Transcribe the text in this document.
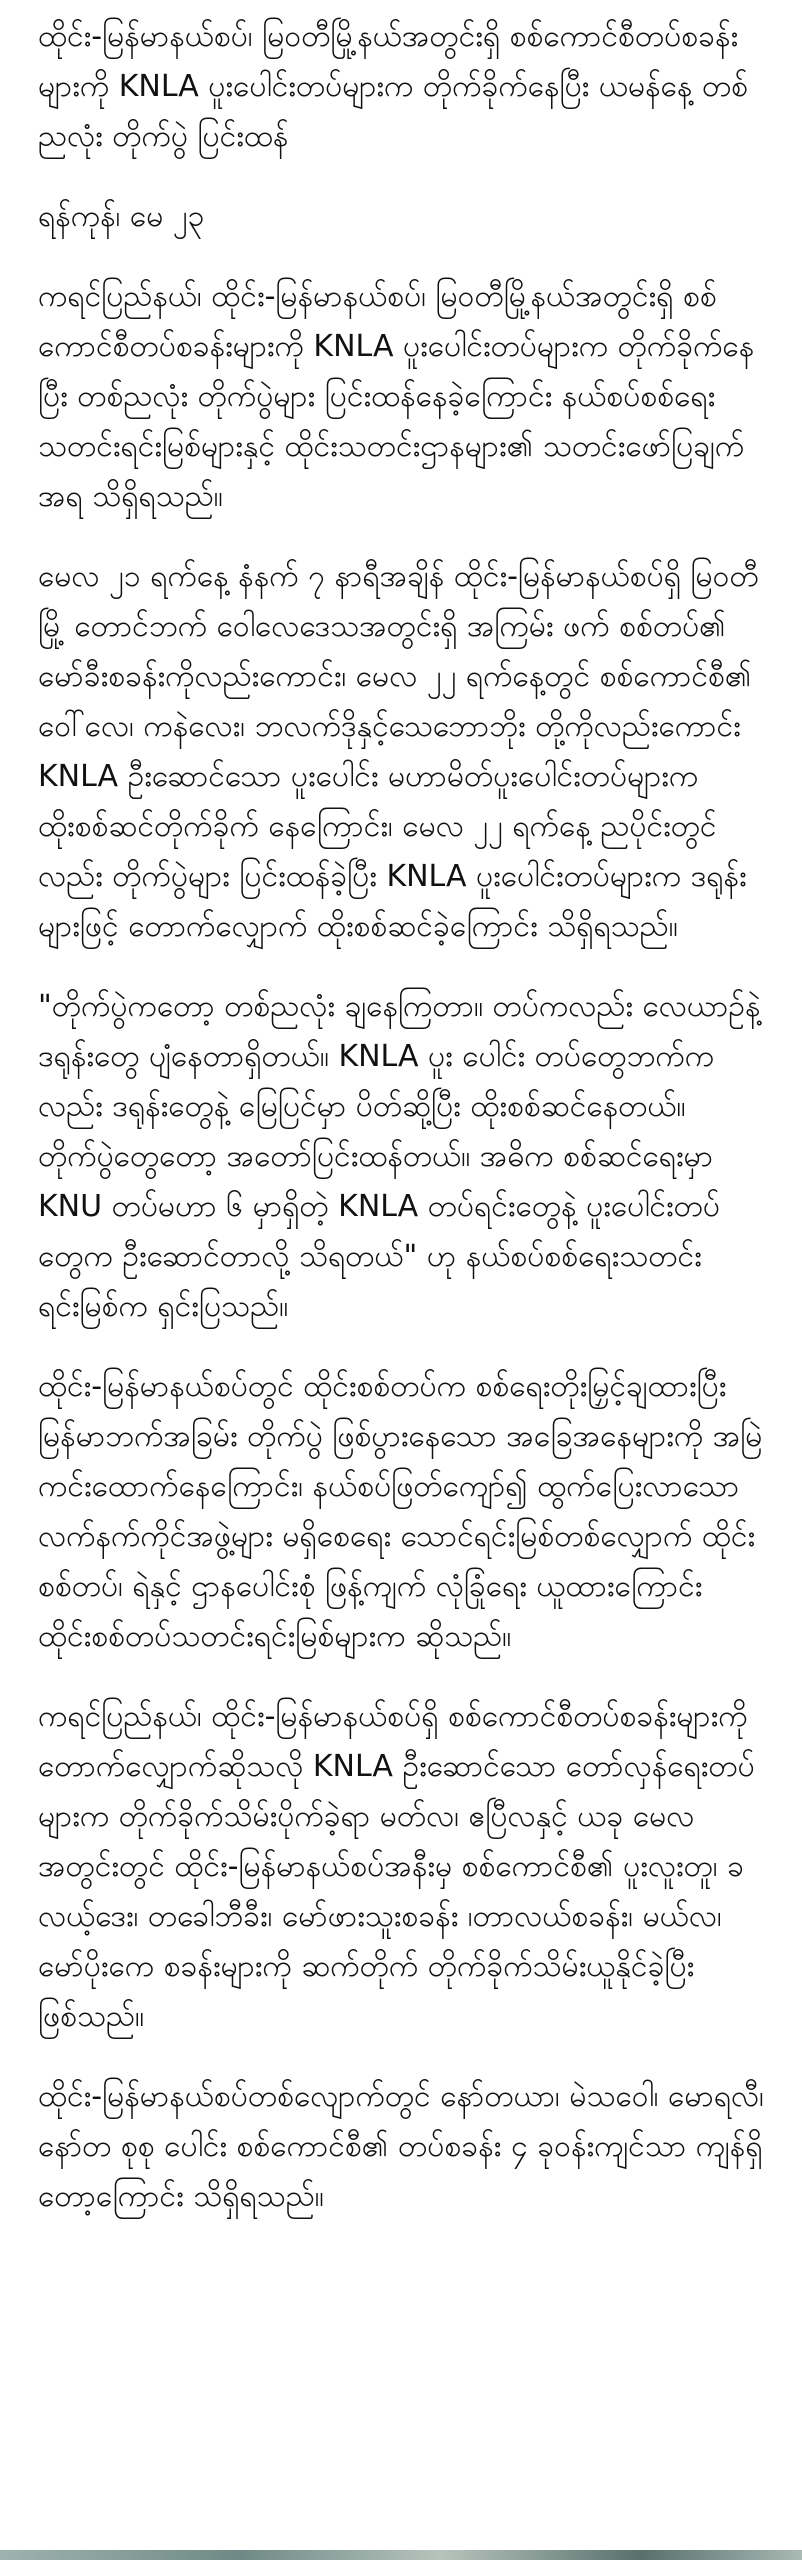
ထိုင်း-မြန်မာနယ်စပ်၊ မြဝတီမြို့နယ်အတွင်းရှိ စစ်ကောင်စီတပ်စခန်းများကို KNLA ပူးပေါင်းတပ်များက တိုက်ခိုက်နေပြီး ယမန်နေ့ တစ်ညလုံး တိုက်ပွဲ ပြင်းထန်

ရန်ကုန်၊ မေ ၂၃

ကရင်ပြည်နယ်၊ ထိုင်း-မြန်မာနယ်စပ်၊ မြဝတီမြို့နယ်အတွင်းရှိ စစ်ကောင်စီတပ်စခန်းများကို KNLA ပူးပေါင်းတပ်များက တိုက်ခိုက်နေပြီး တစ်ညလုံး တိုက်ပွဲများ ပြင်းထန်နေခဲ့ကြောင်း နယ်စပ်စစ်ရေးသတင်းရင်းမြစ်များနှင့် ထိုင်းသတင်းဌာနများ၏ သတင်းဖော်ပြချက်အရ သိရှိရသည်။

မေလ ၂၁ ရက်နေ့ နံနက် ၇ နာရီအချိန် ထိုင်း-မြန်မာနယ်စပ်ရှိ မြဝတီမြို့ တောင်ဘက် ဝေါလေဒေသအတွင်းရှိ အကြမ်း ဖက် စစ်တပ်၏ မော်ခီးစခန်းကိုလည်းကောင်း၊ မေလ ၂၂ ရက်နေ့တွင် စစ်ကောင်စီ၏ ဝေါ်လေ၊ ကနဲလေး၊ ဘလက်ဒိုနှင့်သေဘောဘိုး တို့ကိုလည်းကောင်း KNLA ဦးဆောင်သော ပူးပေါင်း မဟာမိတ်ပူးပေါင်းတပ်များက ထိုးစစ်ဆင်တိုက်ခိုက် နေကြောင်း၊ မေလ ၂၂ ရက်နေ့ ညပိုင်းတွင်လည်း တိုက်ပွဲများ ပြင်းထန်ခဲ့ပြီး KNLA ပူးပေါင်းတပ်များက ဒရုန်းများဖြင့် တောက်လျှောက် ထိုးစစ်ဆင်ခဲ့ကြောင်း သိရှိရသည်။

"တိုက်ပွဲကတော့ တစ်ညလုံး ချနေကြတာ။ တပ်ကလည်း လေယာဉ်နဲ့ ဒရုန်းတွေ ပျံနေတာရှိတယ်။ KNLA ပူး ပေါင်း တပ်တွေဘက်ကလည်း ဒရုန်းတွေနဲ့ မြေပြင်မှာ ပိတ်ဆို့ပြီး ထိုးစစ်ဆင်နေတယ်။ တိုက်ပွဲတွေတော့ အတော်ပြင်းထန်တယ်။ အဓိက စစ်ဆင်ရေးမှာ KNU တပ်မဟာ ၆ မှာရှိတဲ့ KNLA တပ်ရင်းတွေနဲ့ ပူးပေါင်းတပ်တွေက ဦးဆောင်တာလို့ သိရတယ်" ဟု နယ်စပ်စစ်ရေးသတင်းရင်းမြစ်က ရှင်းပြသည်။

ထိုင်း-မြန်မာနယ်စပ်တွင် ထိုင်းစစ်တပ်က စစ်ရေးတိုးမြှင့်ချထားပြီး မြန်မာဘက်အခြမ်း တိုက်ပွဲ ဖြစ်ပွားနေသော အခြေအနေများကို အမြဲ ကင်းထောက်နေကြောင်း၊ နယ်စပ်ဖြတ်ကျော်၍ ထွက်ပြေးလာသော လက်နက်ကိုင်အဖွဲ့များ မရှိစေရေး သောင်ရင်းမြစ်တစ်လျှောက် ထိုင်းစစ်တပ်၊ ရဲနှင့် ဌာနပေါင်းစုံ ဖြန့်ကျက် လုံခြုံရေး ယူထားကြောင်း ထိုင်းစစ်တပ်သတင်းရင်းမြစ်များက ဆိုသည်။

ကရင်ပြည်နယ်၊ ထိုင်း-မြန်မာနယ်စပ်ရှိ စစ်ကောင်စီတပ်စခန်းများကို တောက်လျှောက်ဆိုသလို KNLA ဦးဆောင်သော တော်လှန်ရေးတပ်များက တိုက်ခိုက်သိမ်းပိုက်ခဲ့ရာ မတ်လ၊ ဧပြီလနှင့် ယခု မေလအတွင်းတွင် ထိုင်း-မြန်မာနယ်စပ်အနီးမှ စစ်ကောင်စီ၏ ပူးလူးတူ၊ ခလယ့်ဒေး၊ တခေါဘီခီး၊ မော်ဖားသူးစခန်း ၊တာလယ်စခန်း၊ မယ်လ၊ မော်ပိုးကေ စခန်းများကို ဆက်တိုက် တိုက်ခိုက်သိမ်းယူနိုင်ခဲ့ပြီးဖြစ်သည်။

ထိုင်း-မြန်မာနယ်စပ်တစ်လျောက်တွင် နော်တယာ၊ မဲသဝေါ၊ မောရလီ၊ နော်တ စုစု ပေါင်း စစ်ကောင်စီ၏ တပ်စခန်း ၄ ခုဝန်းကျင်သာ ကျန်ရှိတော့ကြောင်း သိရှိရသည်။
